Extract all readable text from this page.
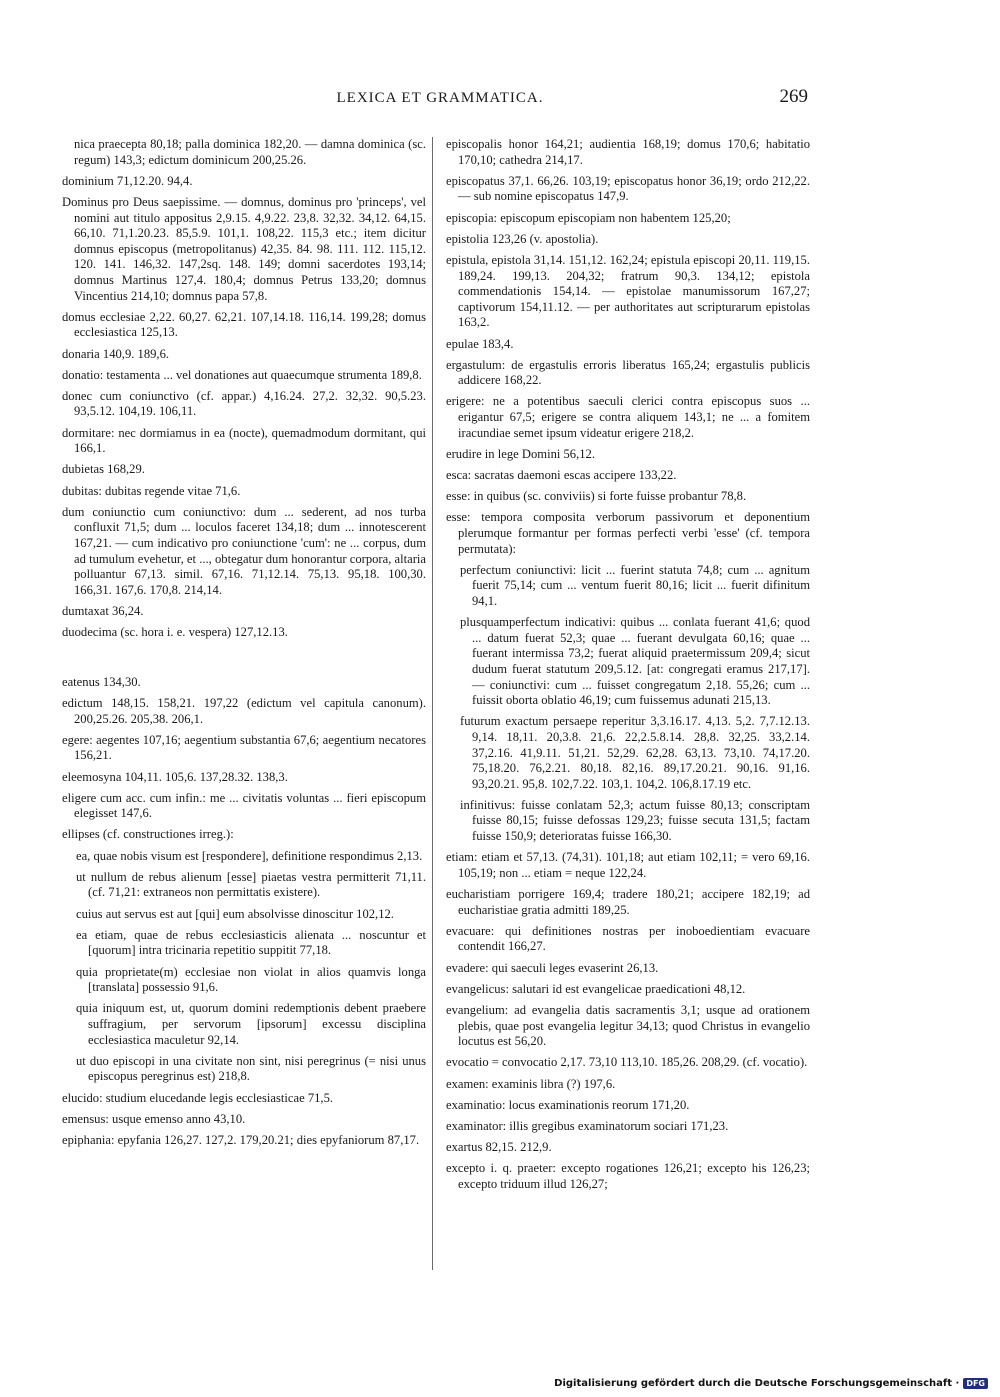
LEXICA ET GRAMMATICA.	269

nica praecepta 80,18; palla dominica 182,20. — damna dominica (sc. regum) 143,3; edictum dominicum 200,25.26.

dominium 71,12.20. 94,4.

Dominus pro Deus saepissime. — domnus, dominus pro 'princeps', vel nomini aut titulo appositus 2,9.15. 4,9.22. 23,8. 32,32. 34,12. 64,15. 66,10. 71,1.20.23. 85,5.9. 101,1. 108,22. 115,3 etc.; item dicitur domnus episcopus (metropolitanus) 42,35. 84. 98. 111. 112. 115,12. 120. 141. 146,32. 147,2sq. 148. 149; domni sacerdotes 193,14; domnus Martinus 127,4. 180,4; domnus Petrus 133,20; domnus Vincentius 214,10; domnus papa 57,8.

domus ecclesiae 2,22. 60,27. 62,21. 107,14.18. 116,14. 199,28; domus ecclesiastica 125,13.

donaria 140,9. 189,6.

donatio: testamenta ... vel donationes aut quaecumque strumenta 189,8.

donec cum coniunctivo (cf. appar.) 4,16.24. 27,2. 32,32. 90,5.23. 93,5.12. 104,19. 106,11.

dormitare: nec dormiamus in ea (nocte), quemadmodum dormitant, qui 166,1.

dubietas 168,29.

dubitas: dubitas regende vitae 71,6.

dum coniunctio cum coniunctivo: dum ... sederent, ad nos turba confluxit 71,5; dum ... loculos faceret 134,18; dum ... innotescerent 167,21. — cum indicativo pro coniunctione 'cum': ne ... corpus, dum ad tumulum evehetur, et ..., obtegatur dum honorantur corpora, altaria polluantur 67,13. simil. 67,16. 71,12.14. 75,13. 95,18. 100,30. 166,31. 167,6. 170,8. 214,14.

dumtaxat 36,24.

duodecima (sc. hora i. e. vespera) 127,12.13.

eatenus 134,30.

edictum 148,15. 158,21. 197,22 (edictum vel capitula canonum). 200,25.26. 205,38. 206,1.

egere: aegentes 107,16; aegentium substantia 67,6; aegentium necatores 156,21.

eleemosyna 104,11. 105,6. 137,28.32. 138,3.

eligere cum acc. cum infin.: me ... civitatis voluntas ... fieri episcopum elegisset 147,6.

ellipses (cf. constructiones irreg.):

ea, quae nobis visum est [respondere], definitione respondimus 2,13.

ut nullum de rebus alienum [esse] piaetas vestra permitterit 71,11. (cf. 71,21: extraneos non permittatis existere).

cuius aut servus est aut [qui] eum absolvisse dinoscitur 102,12.

ea etiam, quae de rebus ecclesiasticis alienata ... noscuntur et [quorum] intra tricinaria repetitio suppitit 77,18.

quia proprietate(m) ecclesiae non violat in alios quamvis longa [translata] possessio 91,6.

quia iniquum est, ut, quorum domini redemptionis debent praebere suffragium, per servorum [ipsorum] excessu disciplina ecclesiastica maculetur 92,14.

ut duo episcopi in una civitate non sint, nisi peregrinus (= nisi unus episcopus peregrinus est) 218,8.

elucido: studium elucedande legis ecclesiasticae 71,5.

emensus: usque emenso anno 43,10.

epiphania: epyfania 126,27. 127,2. 179,20.21; dies epyfaniorum 87,17.

episcopalis honor 164,21; audientia 168,19; domus 170,6; habitatio 170,10; cathedra 214,17.

episcopatus 37,1. 66,26. 103,19; episcopatus honor 36,19; ordo 212,22. — sub nomine episcopatus 147,9.

episcopia: episcopum episcopiam non habentem 125,20;

epistolia 123,26 (v. apostolia).

epistula, epistola 31,14. 151,12. 162,24; epistula episcopi 20,11. 119,15. 189,24. 199,13. 204,32; fratrum 90,3. 134,12; epistola commendationis 154,14. — epistolae manumissorum 167,27; captivorum 154,11.12. — per authoritates aut scripturarum epistolas 163,2.

epulae 183,4.

ergastulum: de ergastulis erroris liberatus 165,24; ergastulis publicis addicere 168,22.

erigere: ne a potentibus saeculi clerici contra episcopus suos ... erigantur 67,5; erigere se contra aliquem 143,1; ne ... a fomitem iracundiae semet ipsum videatur erigere 218,2.

erudire in lege Domini 56,12.

esca: sacratas daemoni escas accipere 133,22.

esse: in quibus (sc. conviviis) si forte fuisse probantur 78,8.

esse: tempora composita verborum passivorum et deponentium plerumque formantur per formas perfecti verbi 'esse' (cf. tempora permutata):

perfectum coniunctivi: licit ... fuerint statuta 74,8; cum ... agnitum fuerit 75,14; cum ... ventum fuerit 80,16; licit ... fuerit difinitum 94,1.

plusquamperfectum indicativi: quibus ... conlata fuerant 41,6; quod ... datum fuerat 52,3; quae ... fuerant devulgata 60,16; quae ... fuerant intermissa 73,2; fuerat aliquid praetermissum 209,4; sicut dudum fuerat statutum 209,5.12. [at: congregati eramus 217,17]. — coniunctivi: cum ... fuisset congregatum 2,18. 55,26; cum ... fuissit oborta oblatio 46,19; cum fuissemus adunati 215,13.

futurum exactum persaepe reperitur 3,3.16.17. 4,13. 5,2. 7,7.12.13. 9,14. 18,11. 20,3.8. 21,6. 22,2.5.8.14. 28,8. 32,25. 33,2.14. 37,2.16. 41,9.11. 51,21. 52,29. 62,28. 63,13. 73,10. 74,17.20. 75,18.20. 76,2.21. 80,18. 82,16. 89,17.20.21. 90,16. 91,16. 93,20.21. 95,8. 102,7.22. 103,1. 104,2. 106,8.17.19 etc.

infinitivus: fuisse conlatam 52,3; actum fuisse 80,13; conscriptam fuisse 80,15; fuisse defossas 129,23; fuisse secuta 131,5; factam fuisse 150,9; deterioratas fuisse 166,30.

etiam: etiam et 57,13. (74,31). 101,18; aut etiam 102,11; = vero 69,16. 105,19; non ... etiam = neque 122,24.

eucharistiam porrigere 169,4; tradere 180,21; accipere 182,19; ad eucharistiae gratia admitti 189,25.

evacuare: qui definitiones nostras per inoboedientiam evacuare contendit 166,27.

evadere: qui saeculi leges evaserint 26,13.

evangelicus: salutari id est evangelicae praedicationi 48,12.

evangelium: ad evangelia datis sacramentis 3,1; usque ad orationem plebis, quae post evangelia legitur 34,13; quod Christus in evangelio locutus est 56,20.

evocatio = convocatio 2,17. 73,10 113,10. 185,26. 208,29. (cf. vocatio).

examen: examinis libra (?) 197,6.

examinatio: locus examinationis reorum 171,20.

examinator: illis gregibus examinatorum sociari 171,23.

exartus 82,15. 212,9.

excepto i. q. praeter: excepto rogationes 126,21; excepto his 126,23; excepto triduum illud 126,27;

Digitalisierung gefördert durch die Deutsche Forschungsgemeinschaft · DFG
